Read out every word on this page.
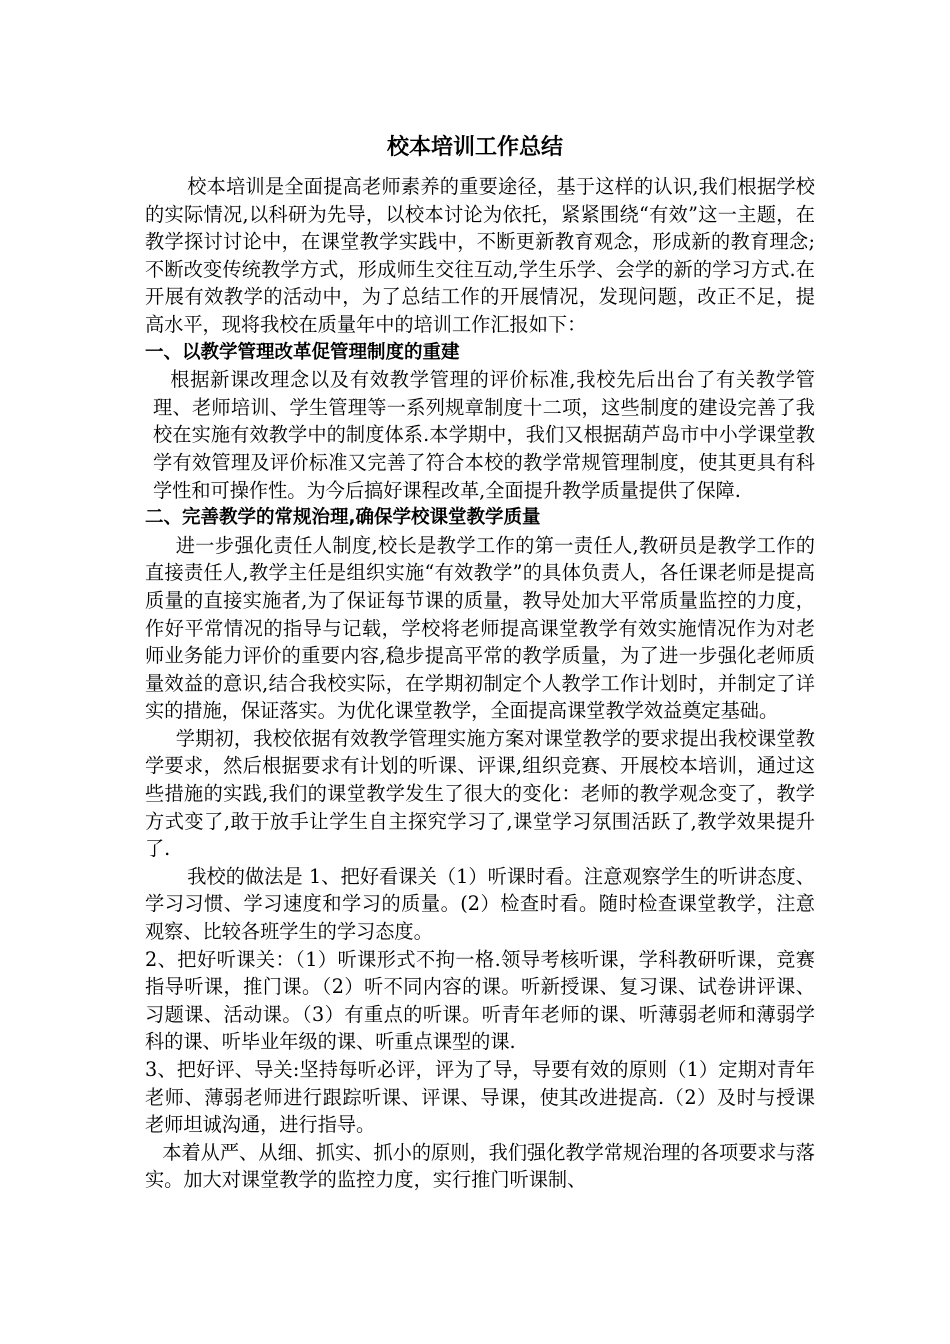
校本培训工作总结

校本培训是全面提高老师素养的重要途径，基于这样的认识,我们根据学校的实际情况,以科研为先导，以校本讨论为依托，紧紧围绕“有效”这一主题，在教学探讨讨论中，在课堂教学实践中，不断更新教育观念，形成新的教育理念;不断改变传统教学方式，形成师生交往互动,学生乐学、会学的新的学习方式.在开展有效教学的活动中，为了总结工作的开展情况，发现问题，改正不足，提高水平，现将我校在质量年中的培训工作汇报如下：

一、以教学管理改革促管理制度的重建

根据新课改理念以及有效教学管理的评价标准,我校先后出台了有关教学管理、老师培训、学生管理等一系列规章制度十二项，这些制度的建设完善了我校在实施有效教学中的制度体系.本学期中，我们又根据葫芦岛市中小学课堂教学有效管理及评价标准又完善了符合本校的教学常规管理制度，使其更具有科学性和可操作性。为今后搞好课程改革,全面提升教学质量提供了保障.

二、完善教学的常规治理,确保学校课堂教学质量

进一步强化责任人制度,校长是教学工作的第一责任人,教研员是教学工作的直接责任人,教学主任是组织实施“有效教学”的具体负责人，各任课老师是提高质量的直接实施者,为了保证每节课的质量，教导处加大平常质量监控的力度，作好平常情况的指导与记载，学校将老师提高课堂教学有效实施情况作为对老师业务能力评价的重要内容,稳步提高平常的教学质量，为了进一步强化老师质量效益的意识,结合我校实际，在学期初制定个人教学工作计划时，并制定了详实的措施，保证落实。为优化课堂教学，全面提高课堂教学效益奠定基础。

学期初，我校依据有效教学管理实施方案对课堂教学的要求提出我校课堂教学要求，然后根据要求有计划的听课、评课,组织竞赛、开展校本培训，通过这些措施的实践,我们的课堂教学发生了很大的变化：老师的教学观念变了，教学方式变了,敢于放手让学生自主探究学习了,课堂学习氛围活跃了,教学效果提升了.

我校的做法是 1、把好看课关（1）听课时看。注意观察学生的听讲态度、学习习惯、学习速度和学习的质量。(2）检查时看。随时检查课堂教学，注意观察、比较各班学生的学习态度。

2、把好听课关：（1）听课形式不拘一格.领导考核听课，学科教研听课，竞赛指导听课，推门课。（2）听不同内容的课。听新授课、复习课、试卷讲评课、习题课、活动课。（3）有重点的听课。听青年老师的课、听薄弱老师和薄弱学科的课、听毕业年级的课、听重点课型的课.

3、把好评、导关:坚持每听必评，评为了导，导要有效的原则（1）定期对青年老师、薄弱老师进行跟踪听课、评课、导课，使其改进提高.（2）及时与授课老师坦诚沟通，进行指导。

本着从严、从细、抓实、抓小的原则，我们强化教学常规治理的各项要求与落实。加大对课堂教学的监控力度，实行推门听课制、
